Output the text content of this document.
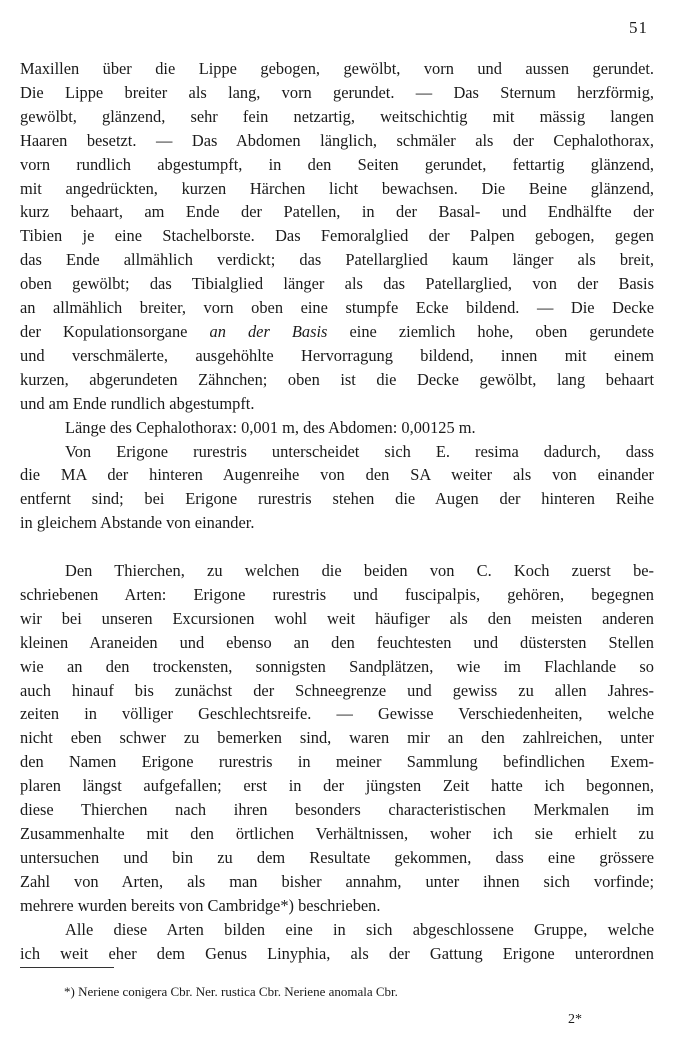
51
Maxillen über die Lippe gebogen, gewölbt, vorn und aussen gerundet.
Die Lippe breiter als lang, vorn gerundet. — Das Sternum herzförmig,
gewölbt, glänzend, sehr fein netzartig, weitschichtig mit mässig langen
Haaren besetzt. — Das Abdomen länglich, schmäler als der Cephalothorax,
vorn rundlich abgestumpft, in den Seiten gerundet, fettartig glänzend,
mit angedrückten, kurzen Härchen licht bewachsen. Die Beine glänzend,
kurz behaart, am Ende der Patellen, in der Basal- und Endhälfte der
Tibien je eine Stachelborste. Das Femoralglied der Palpen gebogen, gegen
das Ende allmählich verdickt; das Patellarglied kaum länger als breit,
oben gewölbt; das Tibialglied länger als das Patellarglied, von der Basis
an allmählich breiter, vorn oben eine stumpfe Ecke bildend. — Die Decke
der Kopulationsorgane an der Basis eine ziemlich hohe, oben gerundete
und verschmälerte, ausgehöhlte Hervorragung bildend, innen mit einem
kurzen, abgerundeten Zähnchen; oben ist die Decke gewölbt, lang behaart
und am Ende rundlich abgestumpft.
Länge des Cephalothorax: 0,001 m, des Abdomen: 0,00125 m.
Von Erigone rurestris unterscheidet sich E. resima dadurch, dass
die MA der hinteren Augenreihe von den SA weiter als von einander
entfernt sind; bei Erigone rurestris stehen die Augen der hinteren Reihe
in gleichem Abstande von einander.
Den Thierchen, zu welchen die beiden von C. Koch zuerst be-
schriebenen Arten: Erigone rurestris und fuscipalpis, gehören, begegnen
wir bei unseren Excursionen wohl weit häufiger als den meisten anderen
kleinen Araneiden und ebenso an den feuchtesten und düstersten Stellen
wie an den trockensten, sonnigsten Sandplätzen, wie im Flachlande so
auch hinauf bis zunächst der Schneegrenze und gewiss zu allen Jahres-
zeiten in völliger Geschlechtsreife. — Gewisse Verschiedenheiten, welche
nicht eben schwer zu bemerken sind, waren mir an den zahlreichen, unter
den Namen Erigone rurestris in meiner Sammlung befindlichen Exem-
plaren längst aufgefallen; erst in der jüngsten Zeit hatte ich begonnen,
diese Thierchen nach ihren besonders characteristischen Merkmalen im
Zusammenhalte mit den örtlichen Verhältnissen, woher ich sie erhielt zu
untersuchen und bin zu dem Resultate gekommen, dass eine grössere
Zahl von Arten, als man bisher annahm, unter ihnen sich vorfinde;
mehrere wurden bereits von Cambridge*) beschrieben.
Alle diese Arten bilden eine in sich abgeschlossene Gruppe, welche
ich weit eher dem Genus Linyphia, als der Gattung Erigone unterordnen
*) Neriene conigera Cbr. Ner. rustica Cbr. Neriene anomala Cbr.
2*
